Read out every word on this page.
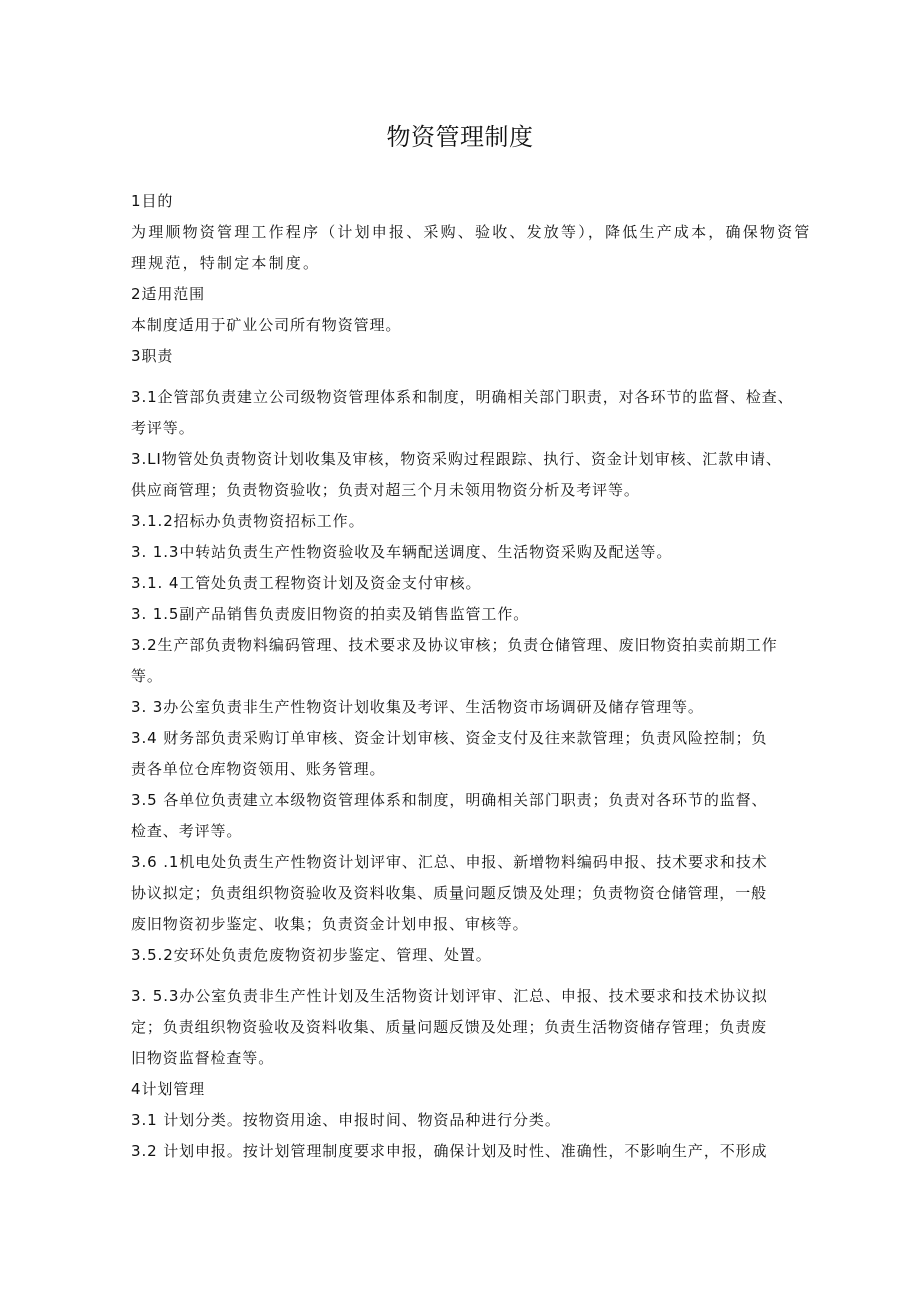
物资管理制度

1目的

为理顺物资管理工作程序（计划申报、采购、验收、发放等），降低生产成本，确保物资管

理规范，特制定本制度。

2适用范围

本制度适用于矿业公司所有物资管理。

3职责

3.1企管部负责建立公司级物资管理体系和制度，明确相关部门职责，对各环节的监督、检查、

考评等。

3.LI物管处负责物资计划收集及审核，物资采购过程跟踪、执行、资金计划审核、汇款申请、

供应商管理；负责物资验收；负责对超三个月未领用物资分析及考评等。

3.1.2招标办负责物资招标工作。

3. 1.3中转站负责生产性物资验收及车辆配送调度、生活物资采购及配送等。

3.1. 4工管处负责工程物资计划及资金支付审核。

3. 1.5副产品销售负责废旧物资的拍卖及销售监管工作。

3.2生产部负责物料编码管理、技术要求及协议审核；负责仓储管理、废旧物资拍卖前期工作

等。

3. 3办公室负责非生产性物资计划收集及考评、生活物资市场调研及储存管理等。

3.4 财务部负责采购订单审核、资金计划审核、资金支付及往来款管理；负责风险控制；负

责各单位仓库物资领用、账务管理。

3.5 各单位负责建立本级物资管理体系和制度，明确相关部门职责；负责对各环节的监督、

检查、考评等。

3.6 .1机电处负责生产性物资计划评审、汇总、申报、新增物料编码申报、技术要求和技术

协议拟定；负责组织物资验收及资料收集、质量问题反馈及处理；负责物资仓储管理，一般

废旧物资初步鉴定、收集；负责资金计划申报、审核等。

3.5.2安环处负责危废物资初步鉴定、管理、处置。

3. 5.3办公室负责非生产性计划及生活物资计划评审、汇总、申报、技术要求和技术协议拟

定；负责组织物资验收及资料收集、质量问题反馈及处理；负责生活物资储存管理；负责废

旧物资监督检查等。

4计划管理

3.1 计划分类。按物资用途、申报时间、物资品种进行分类。

3.2 计划申报。按计划管理制度要求申报，确保计划及时性、准确性，不影响生产，不形成
